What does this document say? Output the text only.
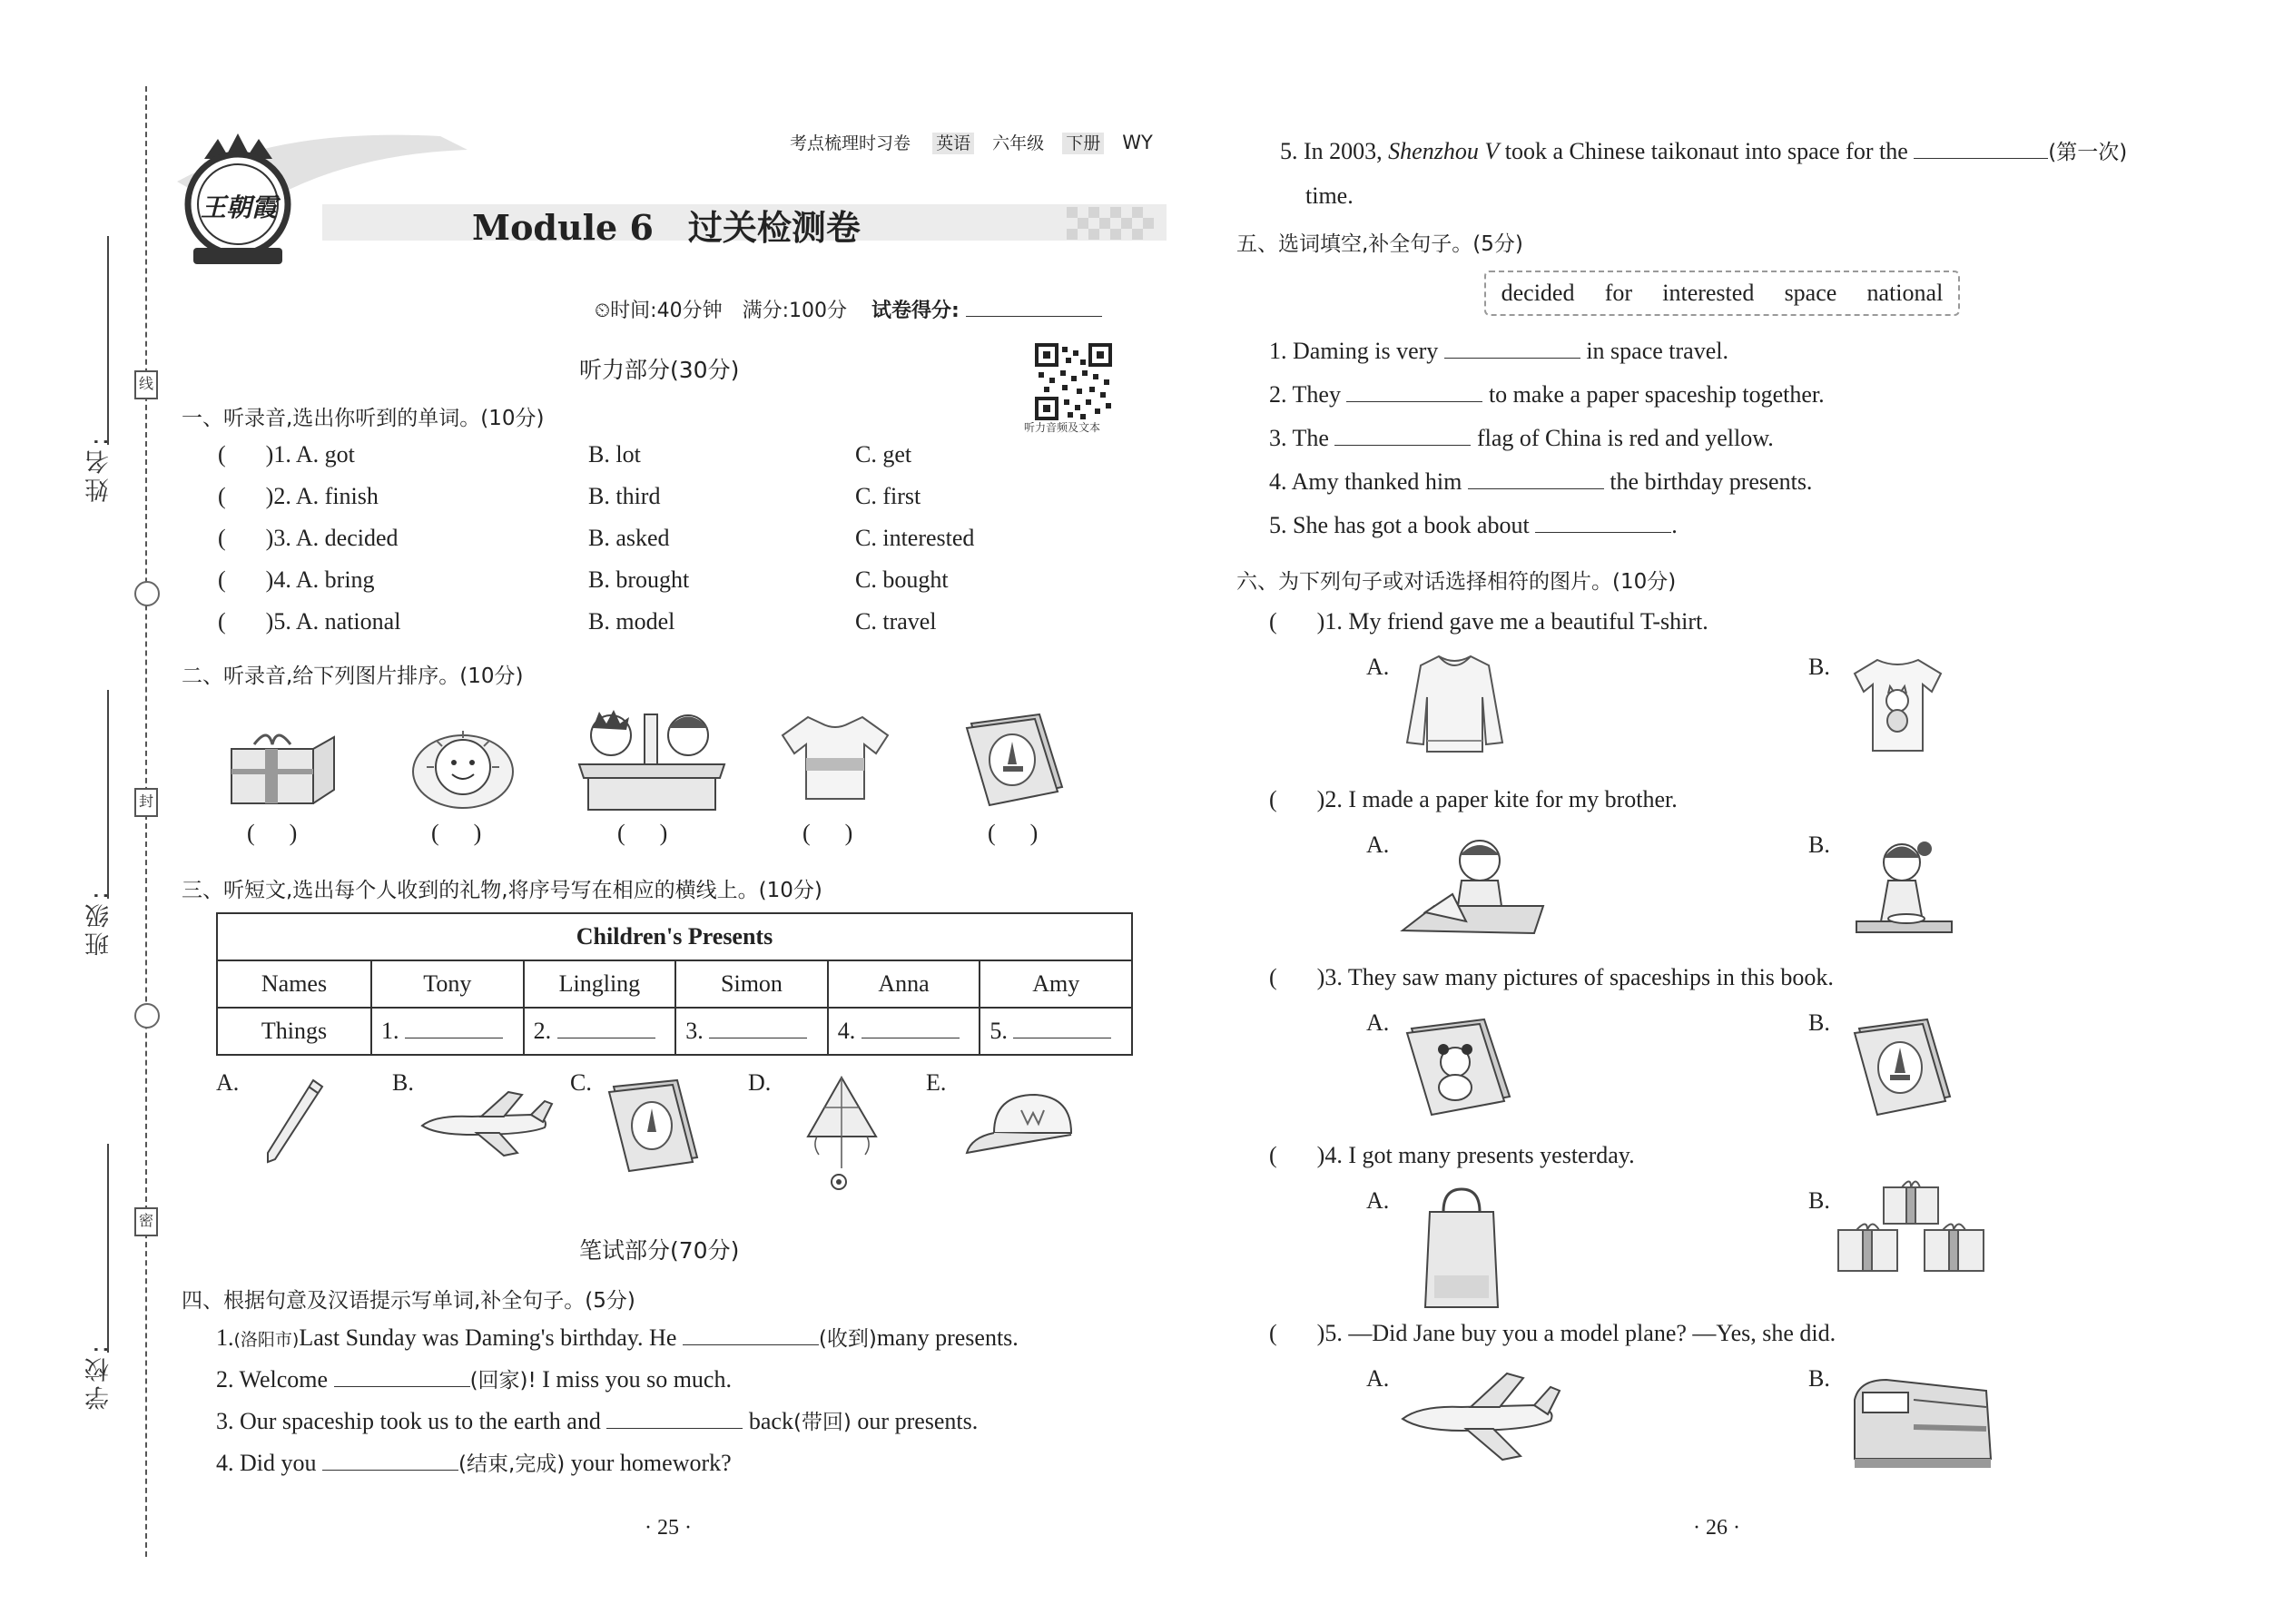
线
封
密
姓名:
班级:
学校:
王朝霞
考点梳理时习卷 英语 六年级 下册 WY
Module 6　过关检测卷
⏲时间:40分钟　满分:100分 试卷得分:
听力音频及文本
听力部分(30分)
一、听录音,选出你听到的单词。(10分)
( )1. A. got	B. lot	C. get
( )2. A. finish	B. third	C. first
( )3. A. decided	B. asked	C. interested
( )4. A. bring	B. brought	C. bought
( )5. A. national	B. model	C. travel
二、听录音,给下列图片排序。(10分)
( )	( )	( )	( )	( )
三、听短文,选出每个人收到的礼物,将序号写在相应的横线上。(10分)
Children's Presents					
Names	Tony	Lingling	Simon	Anna	Amy
Things	1.	2.	3.	4.	5.
A.	B.	C.	D.	E.
笔试部分(70分)
四、根据句意及汉语提示写单词,补全句子。(5分)
1.(洛阳市)Last Sunday was Daming's birthday. He	(收到)many presents.
2. Welcome	(回家)! I miss you so much.
3. Our spaceship took us to the earth and	back(带回) our presents.
4. Did you	(结束,完成) your homework?
· 25 ·
5. In 2003, Shenzhou V took a Chinese taikonaut into space for the	(第一次)
time.
五、选词填空,补全句子。(5分)
decided for interested space national
1. Daming is very	in space travel.
2. They	to make a paper spaceship together.
3. The	flag of China is red and yellow.
4. Amy thanked him	the birthday presents.
5. She has got a book about	.
六、为下列句子或对话选择相符的图片。(10分)
( )1. My friend gave me a beautiful T-shirt.
A.	B.
( )2. I made a paper kite for my brother.
A.	B.
( )3. They saw many pictures of spaceships in this book.
A.	B.
( )4. I got many presents yesterday.
A.	B.
( )5. —Did Jane buy you a model plane? —Yes, she did.
A.	B.
· 26 ·
